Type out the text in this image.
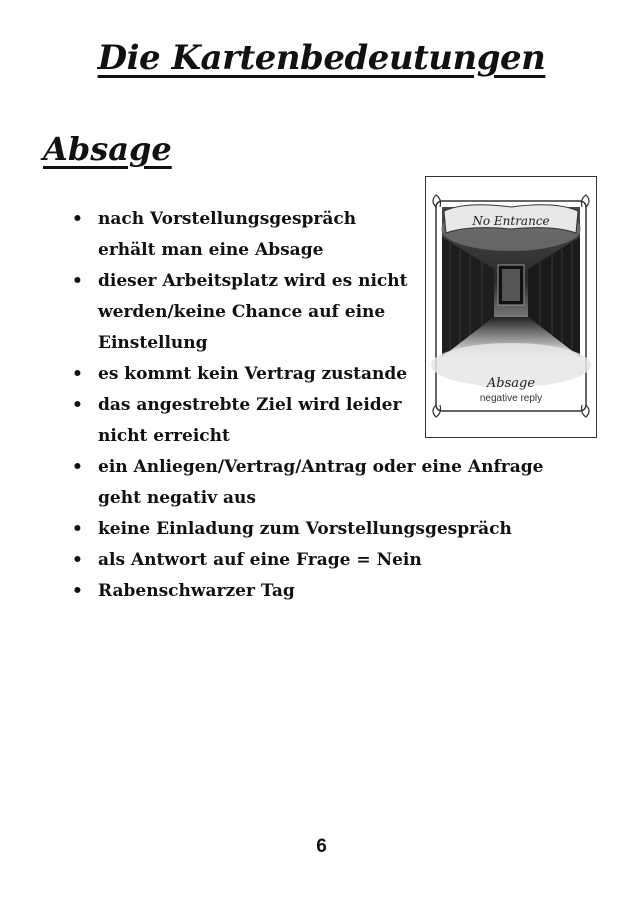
Die Kartenbedeutungen
Absage
• nach Vorstellungsgespräch erhält man eine Absage
• dieser Arbeitsplatz wird es nicht werden/keine Chance auf eine Einstellung
• es kommt kein Vertrag zustande
• das angestrebte Ziel wird leider nicht erreicht
• ein Anliegen/Vertrag/Antrag oder eine Anfrage geht negativ aus
• keine Einladung zum Vorstellungsgespräch
• als Antwort auf eine Frage = Nein
• Rabenschwarzer Tag
No Entrance
Absage
negative reply
6
